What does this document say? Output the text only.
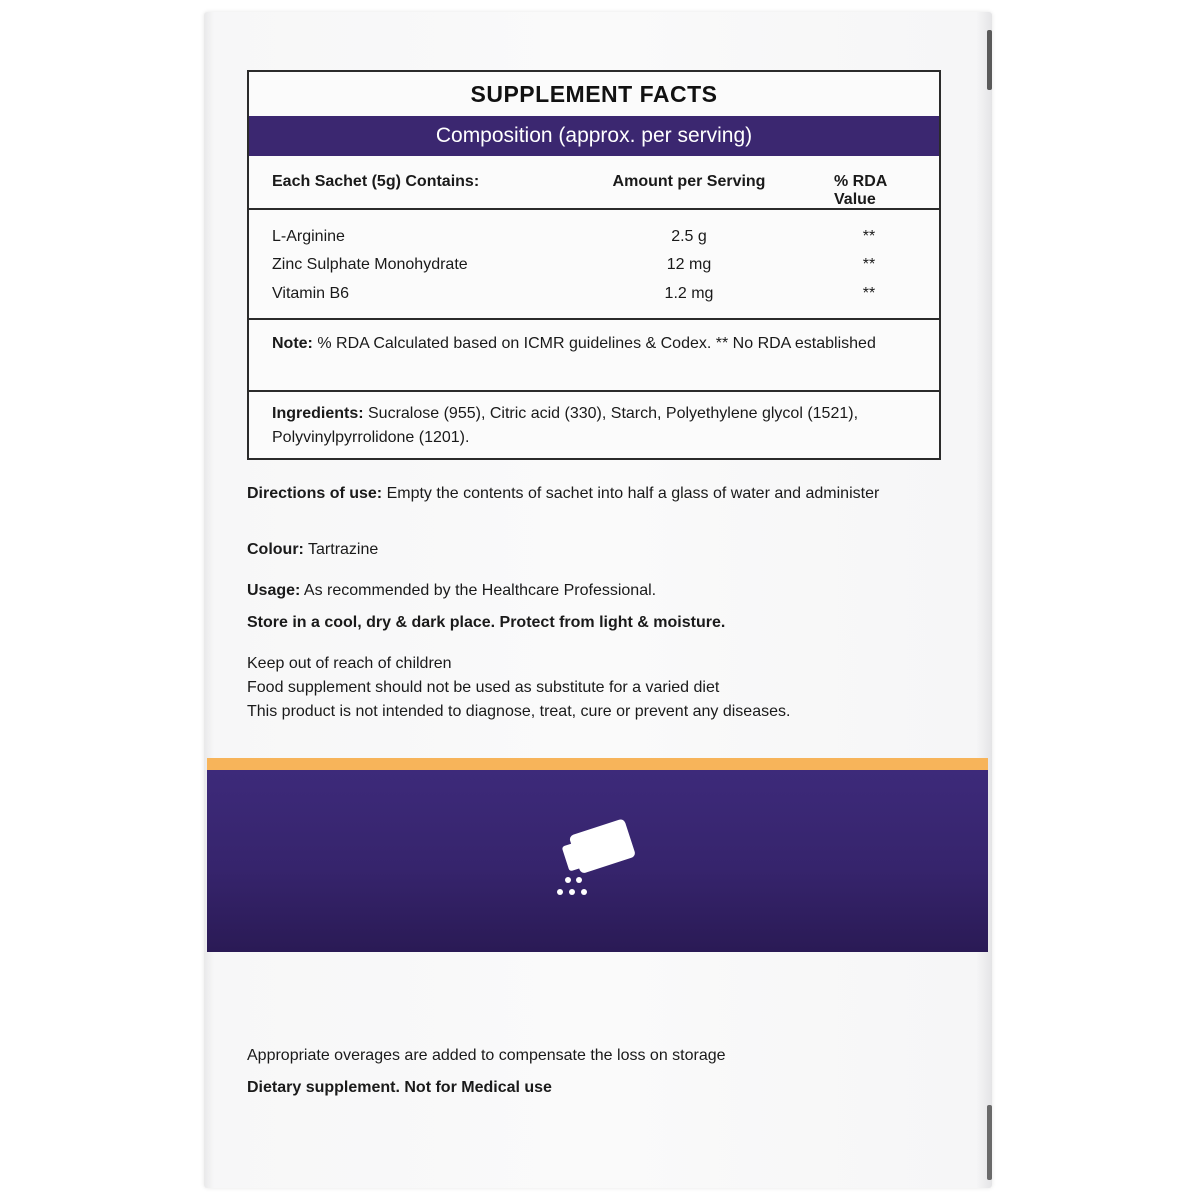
SUPPLEMENT FACTS
Composition (approx. per serving)
Each Sachet (5g) Contains:	Amount per Serving	% RDA Value
L-Arginine	2.5 g	**
Zinc Sulphate Monohydrate	12 mg	**
Vitamin B6	1.2 mg	**
Note: % RDA Calculated based on ICMR guidelines & Codex. ** No RDA established
Ingredients: Sucralose (955), Citric acid (330), Starch, Polyethylene glycol (1521), Polyvinylpyrrolidone (1201).
Directions of use: Empty the contents of sachet into half a glass of water and administer
Colour: Tartrazine
Usage: As recommended by the Healthcare Professional.
Store in a cool, dry & dark place. Protect from light & moisture.
Keep out of reach of children
Food supplement should not be used as substitute for a varied diet
This product is not intended to diagnose, treat, cure or prevent any diseases.
Appropriate overages are added to compensate the loss on storage
Dietary supplement. Not for Medical use
